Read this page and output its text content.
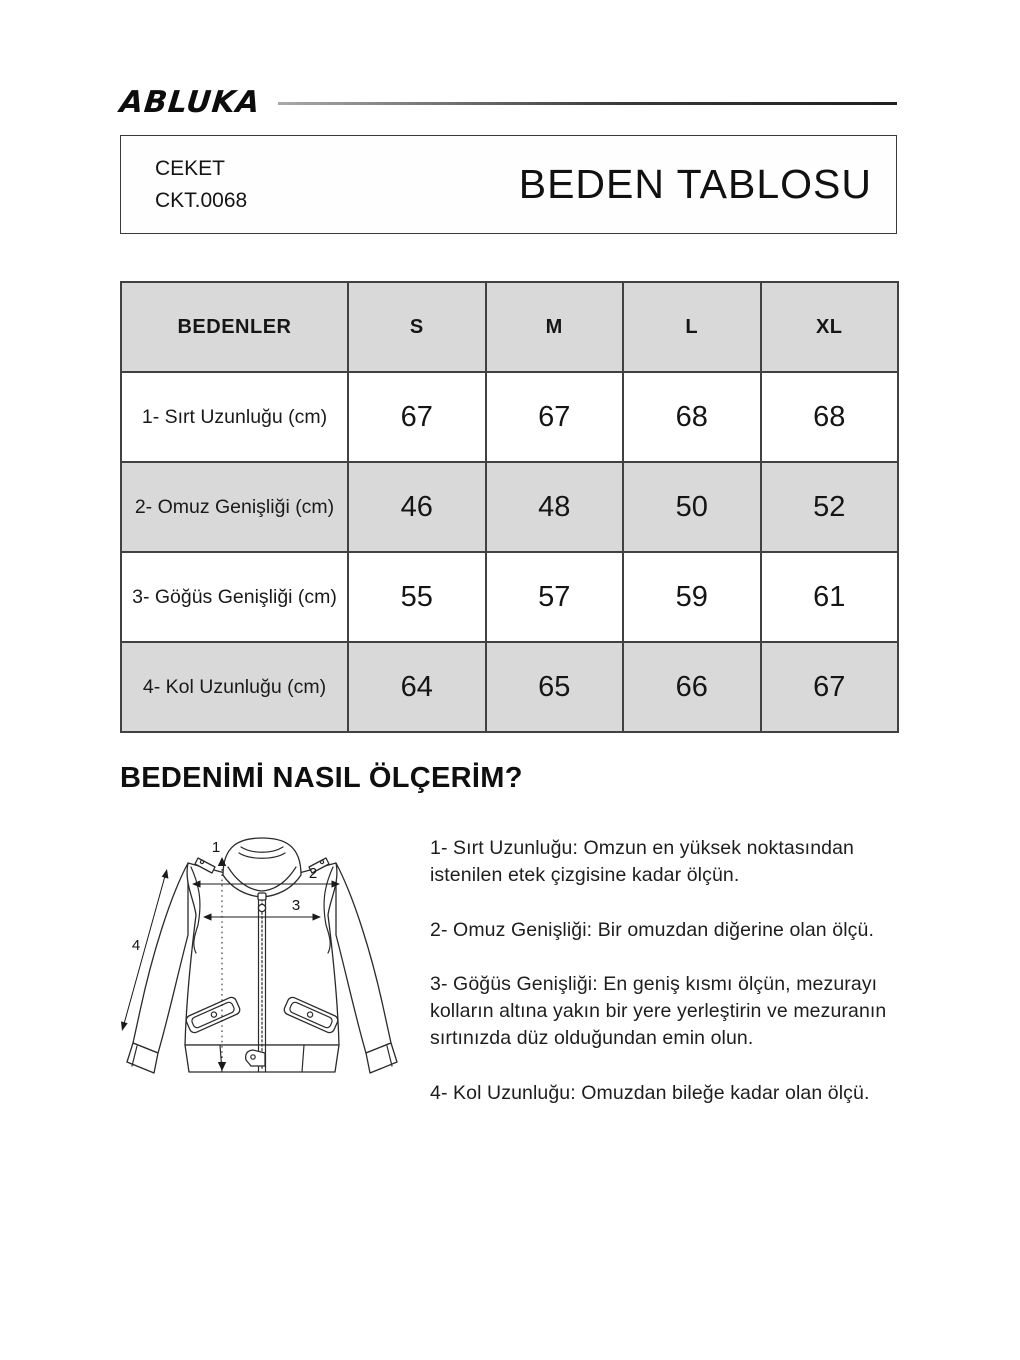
ABLUKA
CEKET
CKT.0068	BEDEN TABLOSU
BEDENLER	S	M	L	XL
1- Sırt Uzunluğu (cm)	67	67	68	68
2- Omuz Genişliği (cm)	46	48	50	52
3- Göğüs Genişliği (cm)	55	57	59	61
4- Kol Uzunluğu (cm)	64	65	66	67
BEDENİMİ NASIL ÖLÇERİM?
1
2
3
4

1- Sırt Uzunluğu: Omzun en yüksek noktasından istenilen etek çizgisine kadar ölçün.

2- Omuz Genişliği: Bir omuzdan diğerine olan ölçü.

3- Göğüs Genişliği: En geniş kısmı ölçün, mezurayı kolların altına yakın bir yere yerleştirin ve mezuranın sırtınızda düz olduğundan emin olun.

4- Kol Uzunluğu: Omuzdan bileğe kadar olan ölçü.
